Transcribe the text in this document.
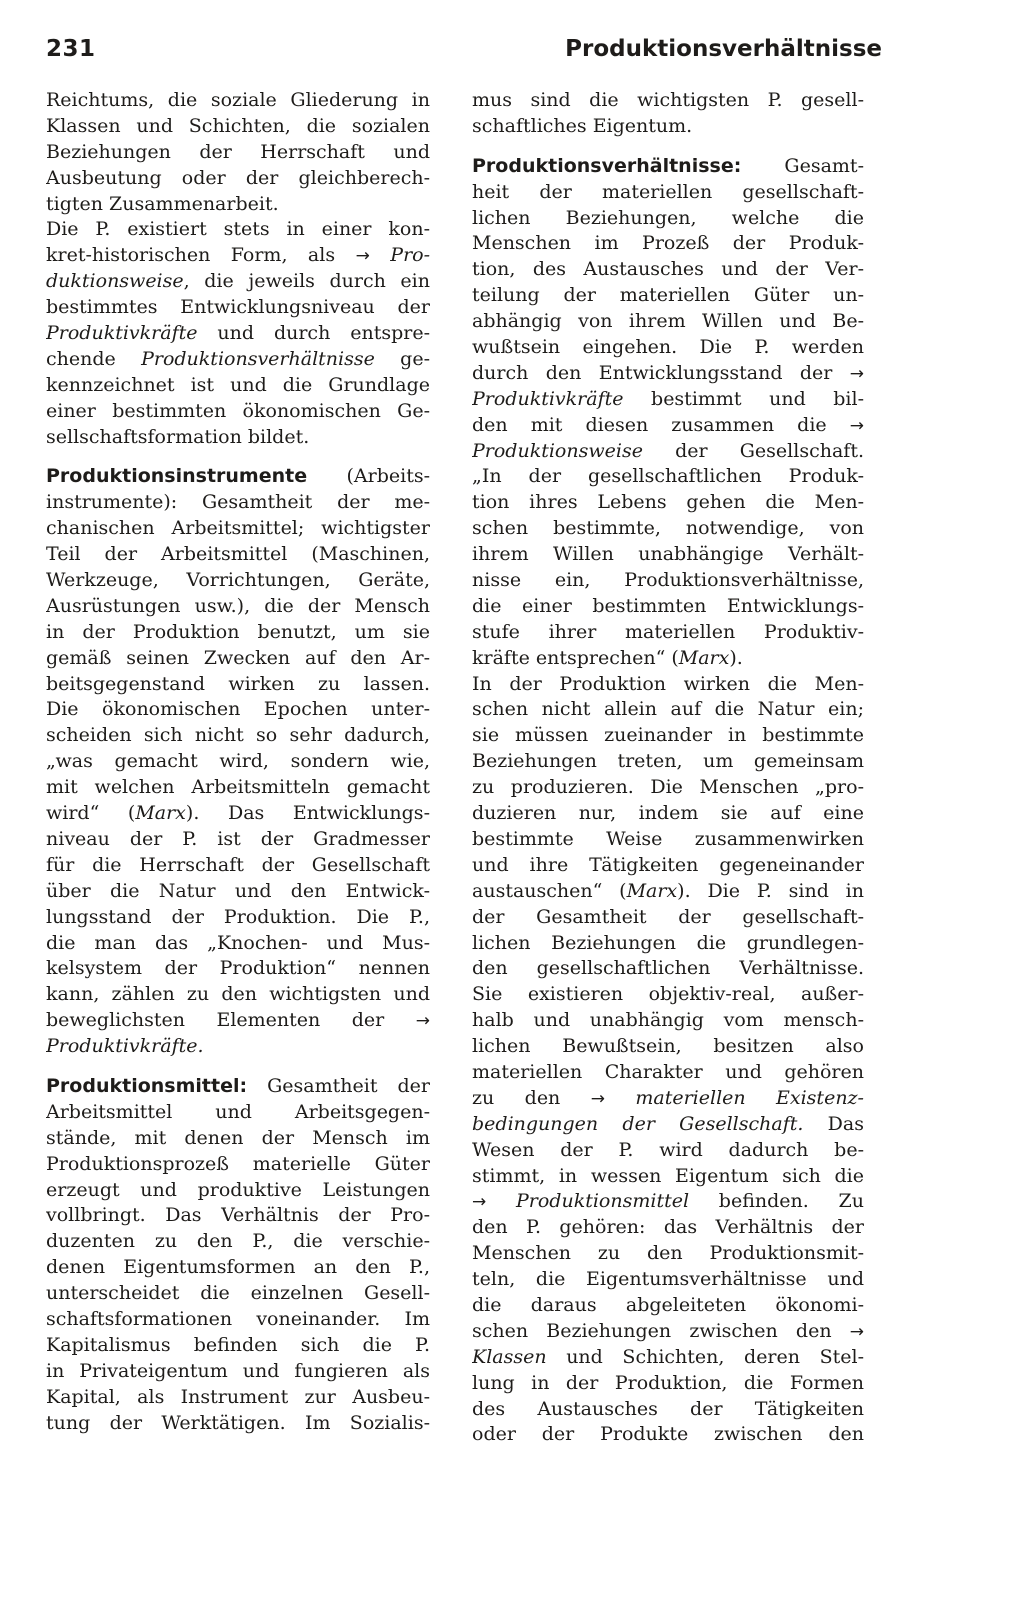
231	Produktionsverhältnisse
Reichtums, die soziale Gliederung in
Klassen und Schichten, die sozialen
Beziehungen der Herrschaft und
Ausbeutung oder der gleichberech-
tigten Zusammenarbeit.
Die P. existiert stets in einer kon-
kret-historischen Form, als → Pro-
duktionsweise, die jeweils durch ein
bestimmtes Entwicklungsniveau der
Produktivkräfte und durch entspre-
chende Produktionsverhältnisse ge-
kennzeichnet ist und die Grundlage
einer bestimmten ökonomischen Ge-
sellschaftsformation bildet.
Produktionsinstrumente (Arbeits-
instrumente): Gesamtheit der me-
chanischen Arbeitsmittel; wichtigster
Teil der Arbeitsmittel (Maschinen,
Werkzeuge, Vorrichtungen, Geräte,
Ausrüstungen usw.), die der Mensch
in der Produktion benutzt, um sie
gemäß seinen Zwecken auf den Ar-
beitsgegenstand wirken zu lassen.
Die ökonomischen Epochen unter-
scheiden sich nicht so sehr dadurch,
„was gemacht wird, sondern wie,
mit welchen Arbeitsmitteln gemacht
wird“ (Marx). Das Entwicklungs-
niveau der P. ist der Gradmesser
für die Herrschaft der Gesellschaft
über die Natur und den Entwick-
lungsstand der Produktion. Die P.,
die man das „Knochen- und Mus-
kelsystem der Produktion“ nennen
kann, zählen zu den wichtigsten und
beweglichsten Elementen der →
Produktivkräfte.
Produktionsmittel: Gesamtheit der
Arbeitsmittel und Arbeitsgegen-
stände, mit denen der Mensch im
Produktionsprozeß materielle Güter
erzeugt und produktive Leistungen
vollbringt. Das Verhältnis der Pro-
duzenten zu den P., die verschie-
denen Eigentumsformen an den P.,
unterscheidet die einzelnen Gesell-
schaftsformationen voneinander. Im
Kapitalismus befinden sich die P.
in Privateigentum und fungieren als
Kapital, als Instrument zur Ausbeu-
tung der Werktätigen. Im Sozialis-
mus sind die wichtigsten P. gesell-
schaftliches Eigentum.
Produktionsverhältnisse: Gesamt-
heit der materiellen gesellschaft-
lichen Beziehungen, welche die
Menschen im Prozeß der Produk-
tion, des Austausches und der Ver-
teilung der materiellen Güter un-
abhängig von ihrem Willen und Be-
wußtsein eingehen. Die P. werden
durch den Entwicklungsstand der →
Produktivkräfte bestimmt und bil-
den mit diesen zusammen die →
Produktionsweise der Gesellschaft.
„In der gesellschaftlichen Produk-
tion ihres Lebens gehen die Men-
schen bestimmte, notwendige, von
ihrem Willen unabhängige Verhält-
nisse ein, Produktionsverhältnisse,
die einer bestimmten Entwicklungs-
stufe ihrer materiellen Produktiv-
kräfte entsprechen“ (Marx).
In der Produktion wirken die Men-
schen nicht allein auf die Natur ein;
sie müssen zueinander in bestimmte
Beziehungen treten, um gemeinsam
zu produzieren. Die Menschen „pro-
duzieren nur, indem sie auf eine
bestimmte Weise zusammenwirken
und ihre Tätigkeiten gegeneinander
austauschen“ (Marx). Die P. sind in
der Gesamtheit der gesellschaft-
lichen Beziehungen die grundlegen-
den gesellschaftlichen Verhältnisse.
Sie existieren objektiv-real, außer-
halb und unabhängig vom mensch-
lichen Bewußtsein, besitzen also
materiellen Charakter und gehören
zu den → materiellen Existenz-
bedingungen der Gesellschaft. Das
Wesen der P. wird dadurch be-
stimmt, in wessen Eigentum sich die
→ Produktionsmittel befinden. Zu
den P. gehören: das Verhältnis der
Menschen zu den Produktionsmit-
teln, die Eigentumsverhältnisse und
die daraus abgeleiteten ökonomi-
schen Beziehungen zwischen den →
Klassen und Schichten, deren Stel-
lung in der Produktion, die Formen
des Austausches der Tätigkeiten
oder der Produkte zwischen den
